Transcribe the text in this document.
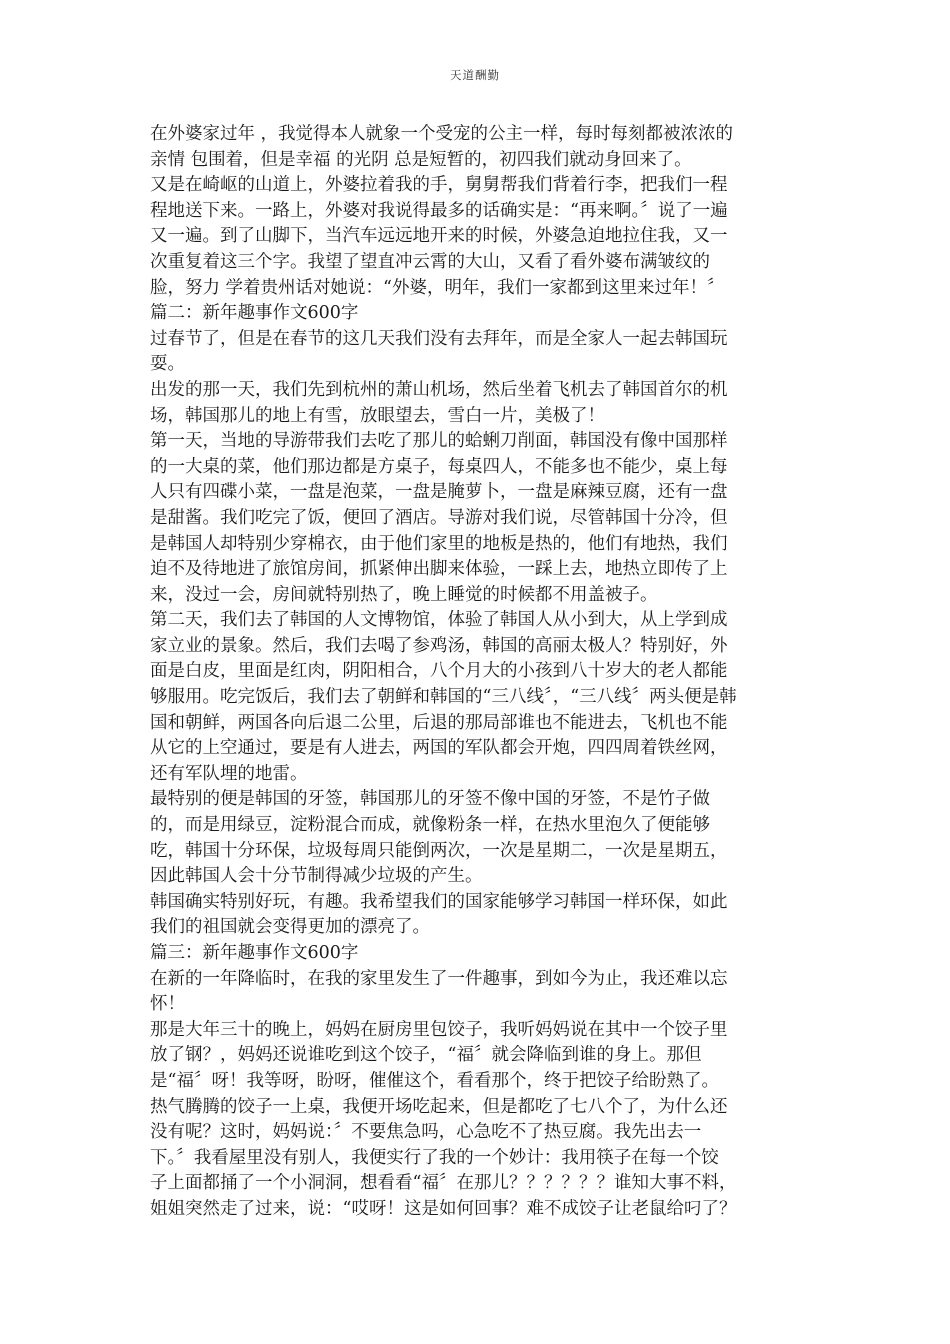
天道酬勤
在外婆家过年 ，我觉得本人就象一个受宠的公主一样，每时每刻都被浓浓的
亲情 包围着，但是幸福 的光阴 总是短暂的，初四我们就动身回来了。
又是在崎岖的山道上，外婆拉着我的手，舅舅帮我们背着行李，把我们一程
程地送下来。一路上，外婆对我说得最多的话确实是：“再来啊。〞说了一遍
又一遍。到了山脚下，当汽车远远地开来的时候，外婆急迫地拉住我，又一
次重复着这三个字。我望了望直冲云霄的大山，又看了看外婆布满皱纹的
脸，努力 学着贵州话对她说：“外婆，明年，我们一家都到这里来过年！〞
篇二：新年趣事作文600字
过春节了，但是在春节的这几天我们没有去拜年，而是全家人一起去韩国玩
耍。
出发的那一天，我们先到杭州的萧山机场，然后坐着飞机去了韩国首尔的机
场，韩国那儿的地上有雪，放眼望去，雪白一片，美极了！
第一天，当地的导游带我们去吃了那儿的蛤蜊刀削面，韩国没有像中国那样
的一大桌的菜，他们那边都是方桌子，每桌四人，不能多也不能少，桌上每
人只有四碟小菜，一盘是泡菜，一盘是腌萝卜，一盘是麻辣豆腐，还有一盘
是甜酱。我们吃完了饭，便回了酒店。导游对我们说，尽管韩国十分冷，但
是韩国人却特别少穿棉衣，由于他们家里的地板是热的，他们有地热，我们
迫不及待地进了旅馆房间，抓紧伸出脚来体验，一踩上去，地热立即传了上
来，没过一会，房间就特别热了，晚上睡觉的时候都不用盖被子。
第二天，我们去了韩国的人文博物馆，体验了韩国人从小到大，从上学到成
家立业的景象。然后，我们去喝了参鸡汤，韩国的高丽太极人？特别好，外
面是白皮，里面是红肉，阴阳相合，八个月大的小孩到八十岁大的老人都能
够服用。吃完饭后，我们去了朝鲜和韩国的“三八线〞，“三八线〞两头便是韩
国和朝鲜，两国各向后退二公里，后退的那局部谁也不能进去，飞机也不能
从它的上空通过，要是有人进去，两国的军队都会开炮，四四周着铁丝网，
还有军队埋的地雷。
最特别的便是韩国的牙签，韩国那儿的牙签不像中国的牙签，不是竹子做
的，而是用绿豆，淀粉混合而成，就像粉条一样，在热水里泡久了便能够
吃，韩国十分环保，垃圾每周只能倒两次，一次是星期二，一次是星期五，
因此韩国人会十分节制得减少垃圾的产生。
韩国确实特别好玩，有趣。我希望我们的国家能够学习韩国一样环保，如此
我们的祖国就会变得更加的漂亮了。
篇三：新年趣事作文600字
在新的一年降临时，在我的家里发生了一件趣事，到如今为止，我还难以忘
怀！
那是大年三十的晚上，妈妈在厨房里包饺子，我听妈妈说在其中一个饺子里
放了钢？，妈妈还说谁吃到这个饺子，“福〞就会降临到谁的身上。那但
是“福〞呀！我等呀，盼呀，催催这个，看看那个，终于把饺子给盼熟了。
热气腾腾的饺子一上桌，我便开场吃起来，但是都吃了七八个了，为什么还
没有呢？这时，妈妈说：〞不要焦急吗，心急吃不了热豆腐。我先出去一
下。〞我看屋里没有别人，我便实行了我的一个妙计：我用筷子在每一个饺
子上面都捅了一个小洞洞，想看看“福〞在那儿？？？？？？谁知大事不料，
姐姐突然走了过来，说：“哎呀！这是如何回事？难不成饺子让老鼠给叼了？
